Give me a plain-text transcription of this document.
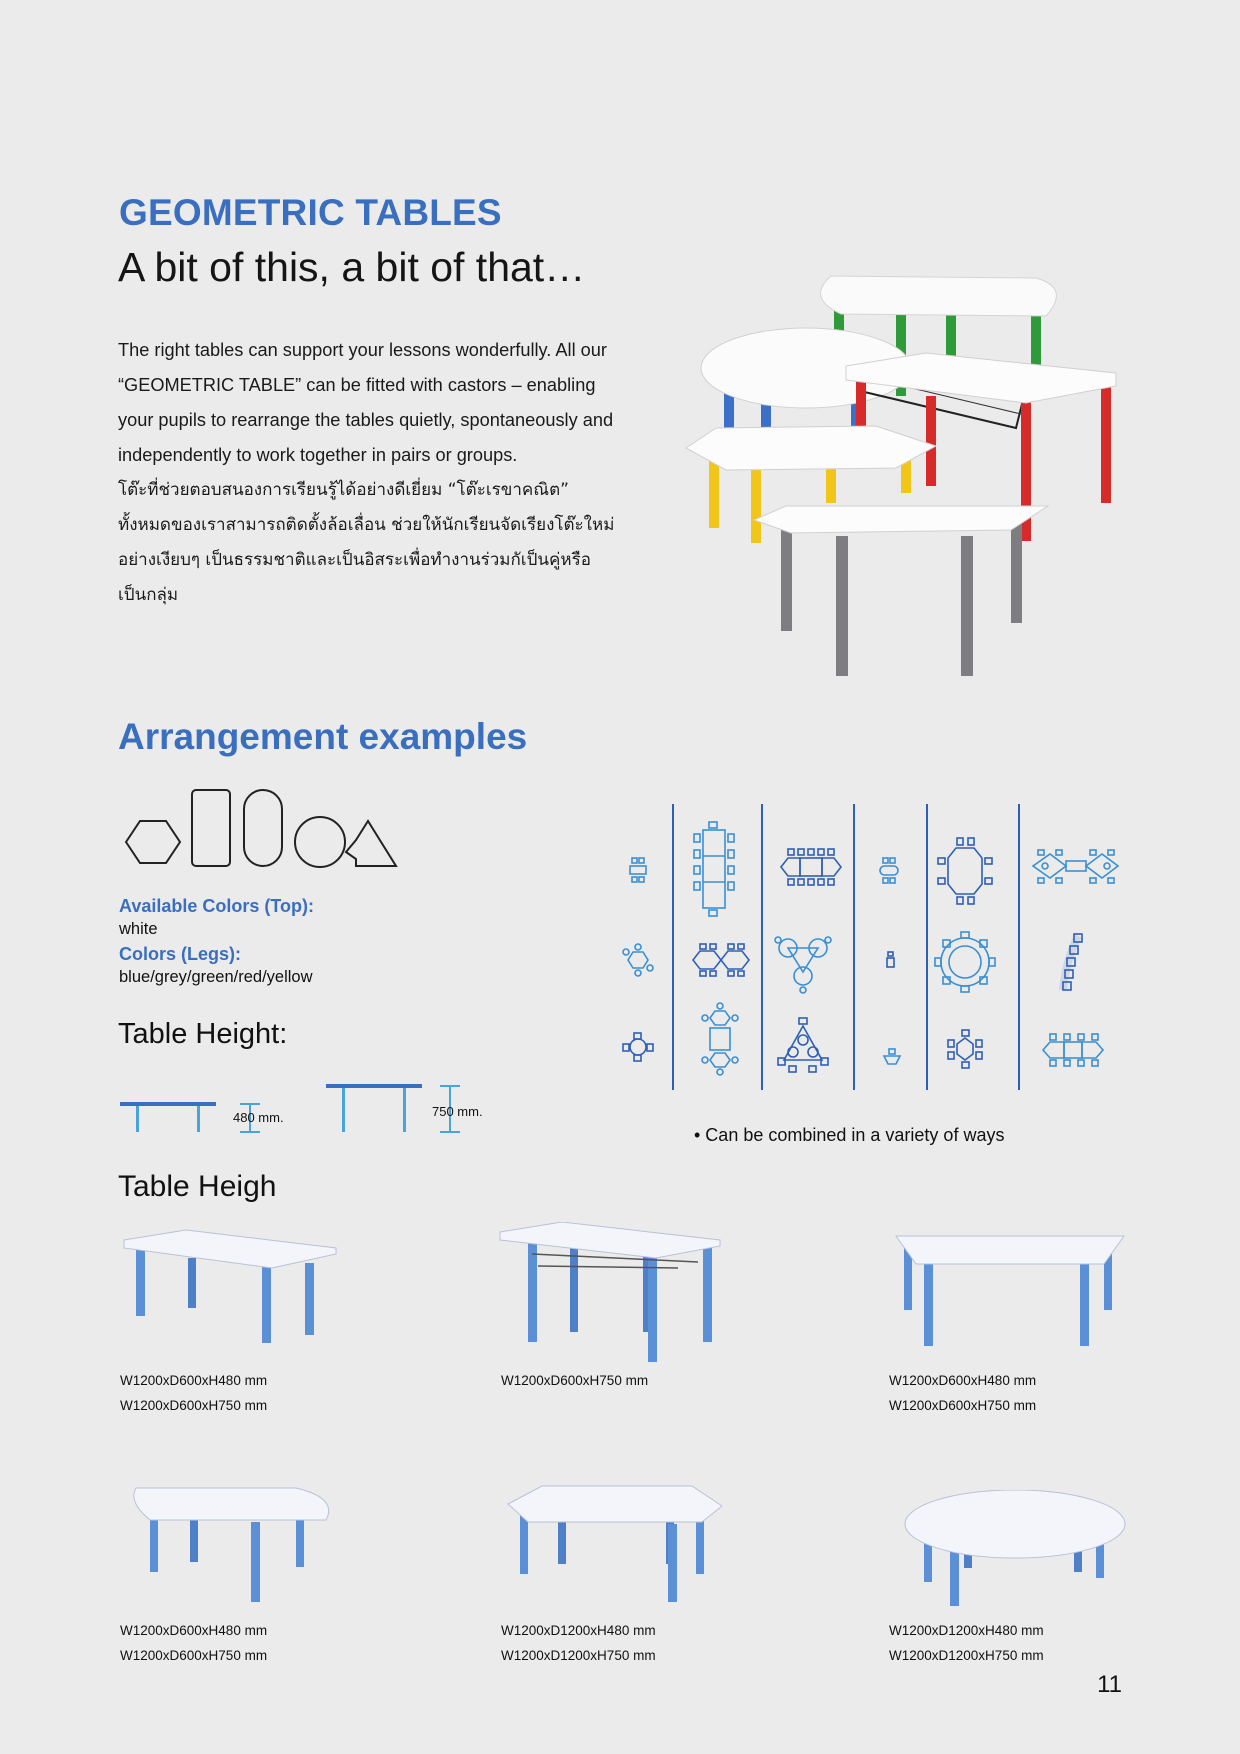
GEOMETRIC TABLES
A bit of this, a bit of that…

The right tables can support your lessons wonderfully. All our “GEOMETRIC TABLE” can be fitted with castors – enabling your pupils to rearrange the tables quietly, spontaneously and independently to work together in pairs or groups.

โต๊ะที่ช่วยตอบสนองการเรียนรู้ได้อย่างดีเยี่ยม “โต๊ะเรขาคณิต” ทั้งหมดของเราสามารถติดตั้งล้อเลื่อน ช่วยให้นักเรียนจัดเรียงโต๊ะใหม่อย่างเงียบๆ เป็นธรรมชาติและเป็นอิสระเพื่อทำงานร่วมกัเป็นคู่หรือเป็นกลุ่ม

Arrangement examples
Available Colors (Top):
white
Colors (Legs):
blue/grey/green/red/yellow
Table Height:
480 mm.	750 mm.
• Can be combined in a variety of ways
Table Heigh
W1200xD600xH480 mm
W1200xD600xH750 mm
W1200xD600xH750 mm	W1200xD600xH480 mm
W1200xD600xH750 mm
W1200xD600xH480 mm
W1200xD600xH750 mm
W1200xD1200xH480 mm
W1200xD1200xH750 mm
W1200xD1200xH480 mm
W1200xD1200xH750 mm
11
